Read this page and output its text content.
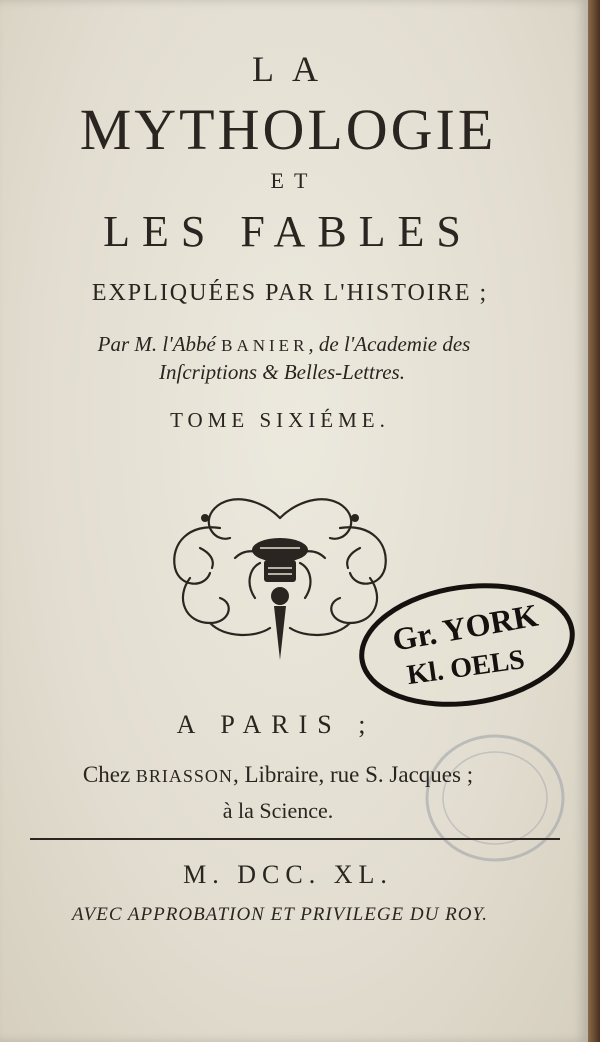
LA
MYTHOLOGIE
ET
LES FABLES
EXPLIQUÉES PAR L'HISTOIRE ;
Par M. l'Abbé BANIER, de l'Academie des
Inſcriptions & Belles-Lettres.
TOME SIXIÉME.
Gr. YORK
Kl. OELS
A PARIS ;
Chez BRIASSON, Libraire, rue S. Jacques ;
à la Science.
M. DCC. XL.
AVEC APPROBATION ET PRIVILEGE DU ROY.
